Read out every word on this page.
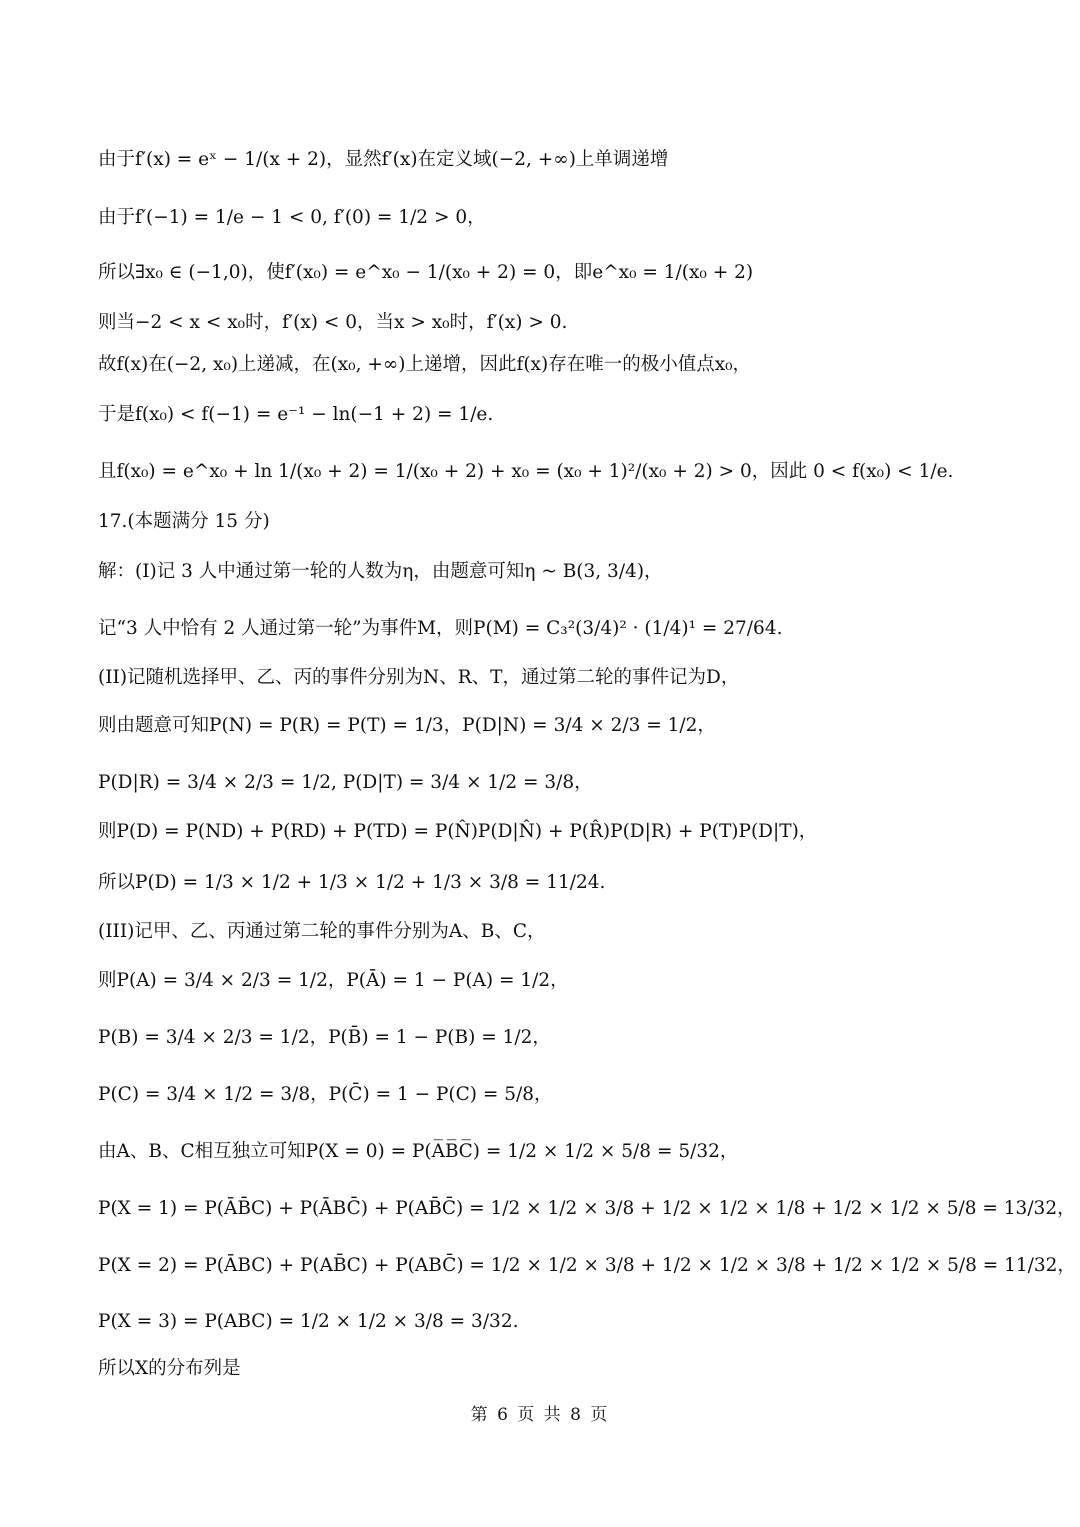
由于f′(x) = eˣ − 1/(x + 2)，显然f′(x)在定义域(−2, +∞)上单调递增
由于f′(−1) = 1/e − 1 < 0, f′(0) = 1/2 > 0，
所以∃x₀ ∈ (−1,0)，使f′(x₀) = e^x₀ − 1/(x₀ + 2) = 0，即e^x₀ = 1/(x₀ + 2)
则当−2 < x < x₀时，f′(x) < 0，当x > x₀时，f′(x) > 0.
故f(x)在(−2, x₀)上递减，在(x₀, +∞)上递增，因此f(x)存在唯一的极小值点x₀，
于是f(x₀) < f(−1) = e⁻¹ − ln(−1 + 2) = 1/e.
且f(x₀) = e^x₀ + ln 1/(x₀ + 2) = 1/(x₀ + 2) + x₀ = (x₀ + 1)²/(x₀ + 2) > 0，因此 0 < f(x₀) < 1/e.
17.(本题满分 15 分)
解：(I)记 3 人中通过第一轮的人数为η，由题意可知η ~ B(3, 3/4)，
记“3 人中恰有 2 人通过第一轮”为事件M，则P(M) = C₃²(3/4)² · (1/4)¹ = 27/64.
(II)记随机选择甲、乙、丙的事件分别为N、R、T，通过第二轮的事件记为D，
则由题意可知P(N) = P(R) = P(T) = 1/3，P(D|N) = 3/4 × 2/3 = 1/2，
P(D|R) = 3/4 × 2/3 = 1/2, P(D|T) = 3/4 × 1/2 = 3/8，
则P(D) = P(ND) + P(RD) + P(TD) = P(N̂)P(D|N̂) + P(R̂)P(D|R) + P(T)P(D|T)，
所以P(D) = 1/3 × 1/2 + 1/3 × 1/2 + 1/3 × 3/8 = 11/24.
(III)记甲、乙、丙通过第二轮的事件分别为A、B、C，
则P(A) = 3/4 × 2/3 = 1/2，P(Ā) = 1 − P(A) = 1/2，
P(B) = 3/4 × 2/3 = 1/2，P(B̄) = 1 − P(B) = 1/2，
P(C) = 3/4 × 1/2 = 3/8，P(C̄) = 1 − P(C) = 5/8，
由A、B、C相互独立可知P(X = 0) = P(A̅B̅C̅) = 1/2 × 1/2 × 5/8 = 5/32，
P(X = 1) = P(ĀB̄C) + P(ĀBC̄) + P(AB̄C̄) = 1/2 × 1/2 × 3/8 + 1/2 × 1/2 × 1/8 + 1/2 × 1/2 × 5/8 = 13/32，
P(X = 2) = P(ĀBC) + P(AB̄C) + P(ABC̄) = 1/2 × 1/2 × 3/8 + 1/2 × 1/2 × 3/8 + 1/2 × 1/2 × 5/8 = 11/32，
P(X = 3) = P(ABC) = 1/2 × 1/2 × 3/8 = 3/32.
所以X的分布列是
第 6 页 共 8 页
